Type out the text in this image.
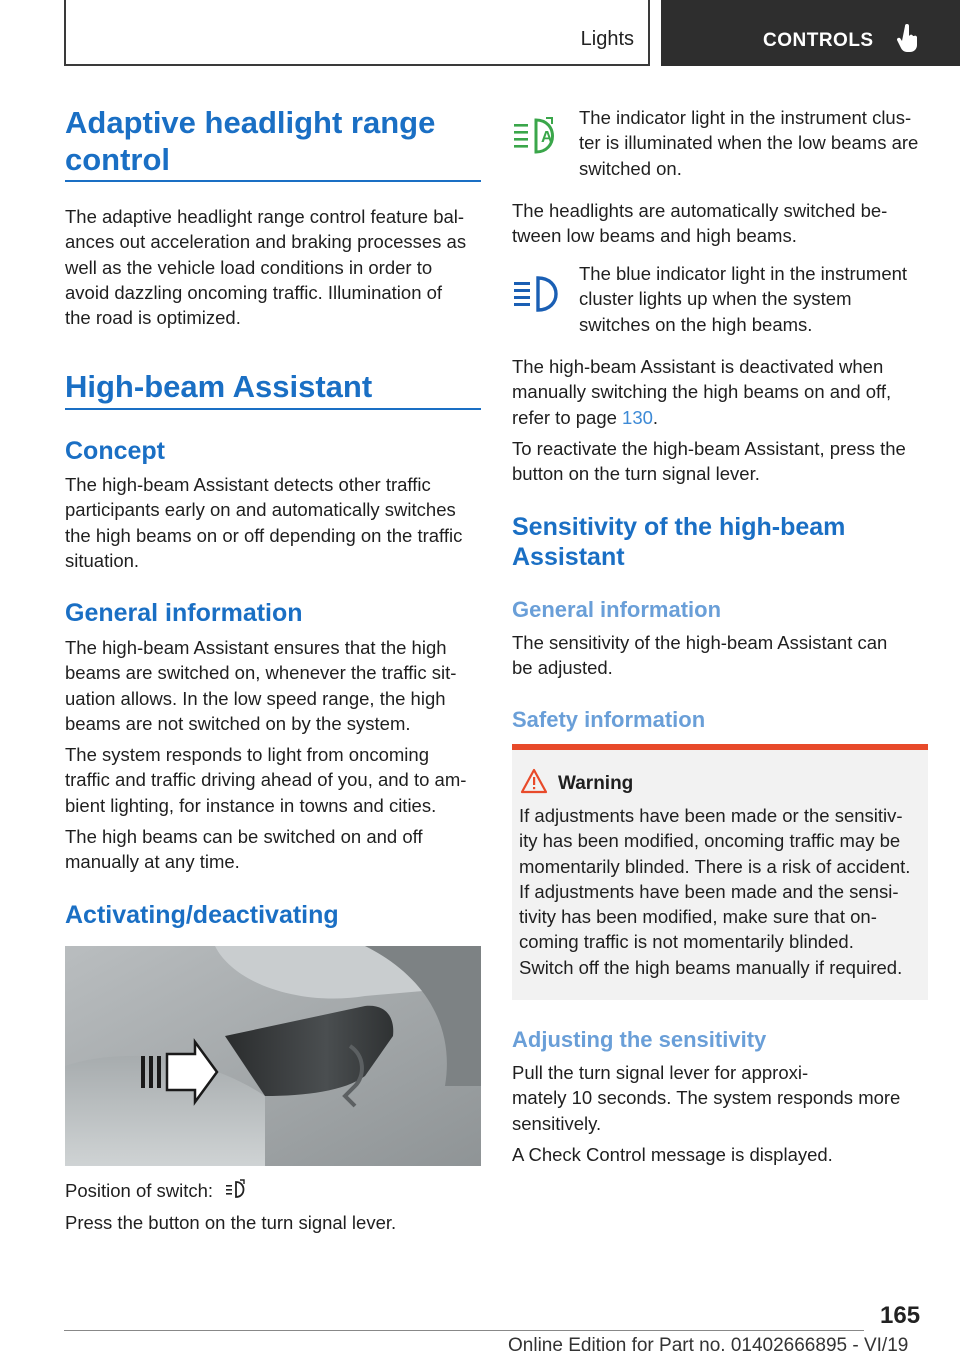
Lights	CONTROLS
Adaptive headlight range control
The adaptive headlight range control feature bal‐
ances out acceleration and braking processes as
well as the vehicle load conditions in order to
avoid dazzling oncoming traffic. Illumination of
the road is optimized.
High-beam Assistant
Concept
The high-beam Assistant detects other traffic
participants early on and automatically switches
the high beams on or off depending on the traffic
situation.
General information
The high-beam Assistant ensures that the high
beams are switched on, whenever the traffic sit‐
uation allows. In the low speed range, the high
beams are not switched on by the system.
The system responds to light from oncoming
traffic and traffic driving ahead of you, and to am‐
bient lighting, for instance in towns and cities.
The high beams can be switched on and off
manually at any time.
Activating/deactivating
Position of switch:
Press the button on the turn signal lever.
A
The indicator light in the instrument clus‐
ter is illuminated when the low beams are
switched on.
The headlights are automatically switched be‐
tween low beams and high beams.
The blue indicator light in the instrument
cluster lights up when the system
switches on the high beams.
The high-beam Assistant is deactivated when
manually switching the high beams on and off,
refer to page 130.
To reactivate the high-beam Assistant, press the
button on the turn signal lever.
Sensitivity of the high-beam
Assistant
General information
The sensitivity of the high-beam Assistant can
be adjusted.
Safety information
Warning
If adjustments have been made or the sensitiv‐
ity has been modified, oncoming traffic may be
momentarily blinded. There is a risk of accident.
If adjustments have been made and the sensi‐
tivity has been modified, make sure that on‐
coming traffic is not momentarily blinded.
Switch off the high beams manually if required.
Adjusting the sensitivity
Pull the turn signal lever for approxi‐
mately 10 seconds. The system responds more
sensitively.
A Check Control message is displayed.
165
Online Edition for Part no. 01402666895 - VI/19
